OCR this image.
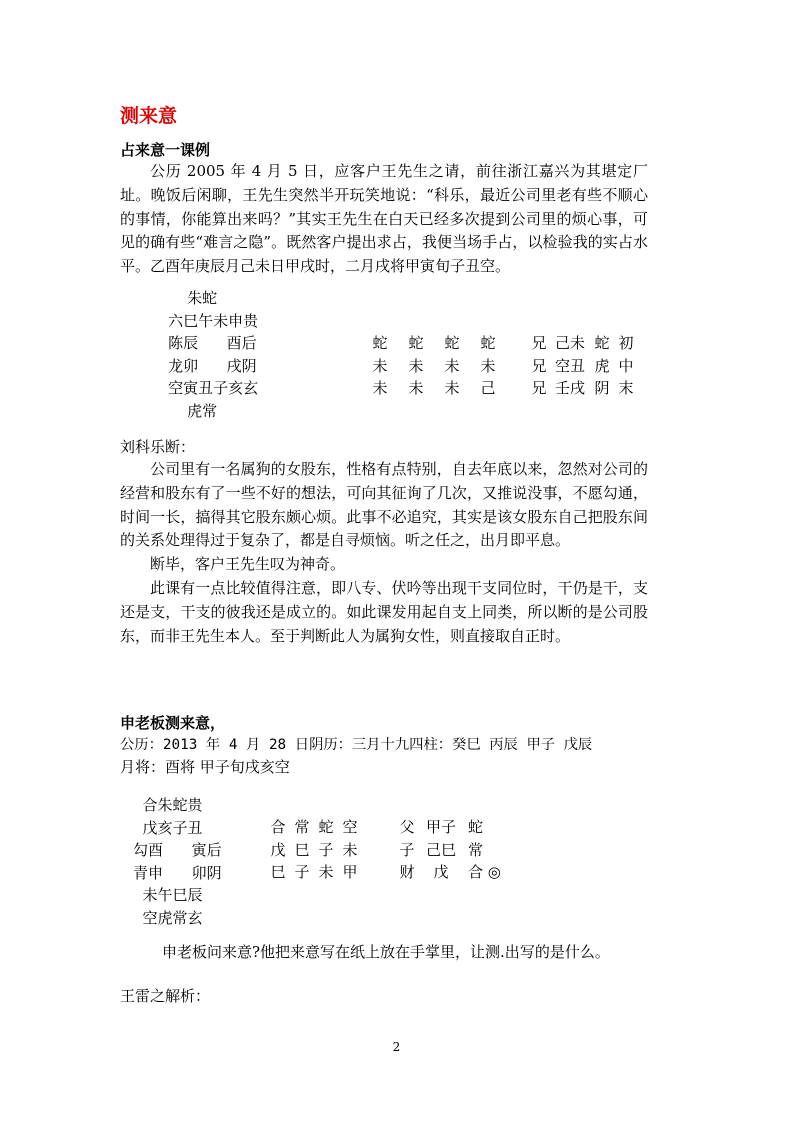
测来意
占来意一课例

公历 2005 年 4 月 5 日，应客户王先生之请，前往浙江嘉兴为其堪定厂址。晚饭后闲聊，王先生突然半开玩笑地说：“科乐，最近公司里老有些不顺心的事情，你能算出来吗？”其实王先生在白天已经多次提到公司里的烦心事，可见的确有些“难言之隐”。既然客户提出求占，我便当场手占，以检验我的实占水平。乙酉年庚辰月己未日甲戌时，二月戌将甲寅旬子丑空。

朱蛇
六巳午未申贵
陈辰      酉后
龙卯      戌阴
空寅丑子亥玄
虎常
蛇 蛇 蛇 蛇
未 未 未 未
未 未 未 己
兄 己未 蛇 初
兄 空丑 虎 中
兄 壬戌 阴 末
刘科乐断：

公司里有一名属狗的女股东，性格有点特别，自去年底以来，忽然对公司的经营和股东有了一些不好的想法，可向其征询了几次，又推说没事，不愿勾通，时间一长，搞得其它股东颇心烦。此事不必追究，其实是该女股东自己把股东间的关系处理得过于复杂了，都是自寻烦恼。听之任之，出月即平息。

断毕，客户王先生叹为神奇。

此课有一点比较值得注意，即八专、伏吟等出现干支同位时，干仍是干，支还是支，干支的彼我还是成立的。如此课发用起自支上同类，所以断的是公司股东，而非王先生本人。至于判断此人为属狗女性，则直接取自正时。

申老板测来意，
公历：2013 年 4 月 28 日阴历：三月十九四柱：癸巳 丙辰 甲子 戊辰
月将：酉将 甲子旬戌亥空
合朱蛇贵
戊亥子丑
勾酉      寅后
青申      卯阴
未午巳辰
空虎常玄
合 常 蛇 空
戊 巳 子 未
巳 子 未 甲
父 甲子 蛇
子 己巳 常
财 戊 合 ◎
申老板问来意?他把来意写在纸上放在手掌里，让测.出写的是什么。
王雷之解析：
2
